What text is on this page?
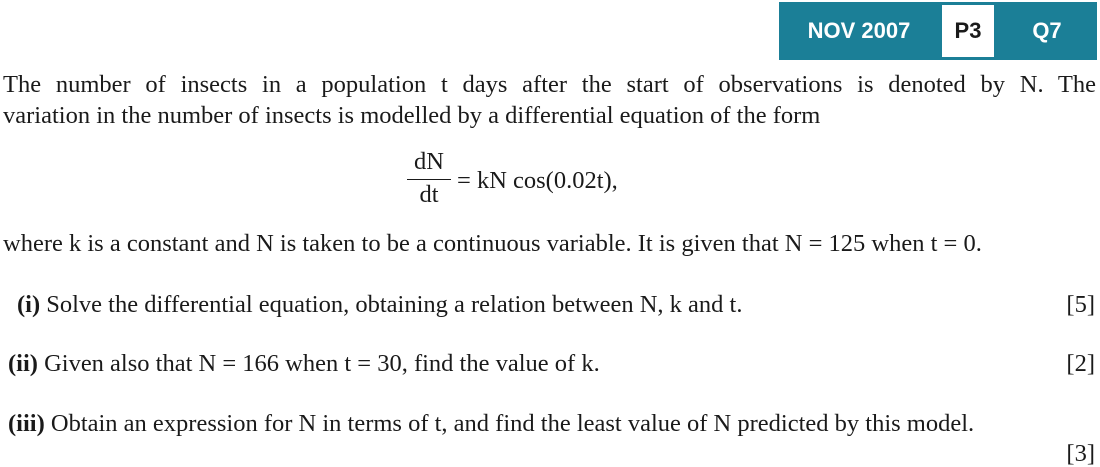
NOV 2007	P3	Q7
The number of insects in a population t days after the start of observations is denoted by N. The
variation in the number of insects is modelled by a differential equation of the form
dN
dt = kN cos(0.02t),
where k is a constant and N is taken to be a continuous variable. It is given that N = 125 when t = 0.
(i) Solve the differential equation, obtaining a relation between N, k and t.	[5]
(ii) Given also that N = 166 when t = 30, find the value of k.	[2]
(iii) Obtain an expression for N in terms of t, and find the least value of N predicted by this model.
[3]
